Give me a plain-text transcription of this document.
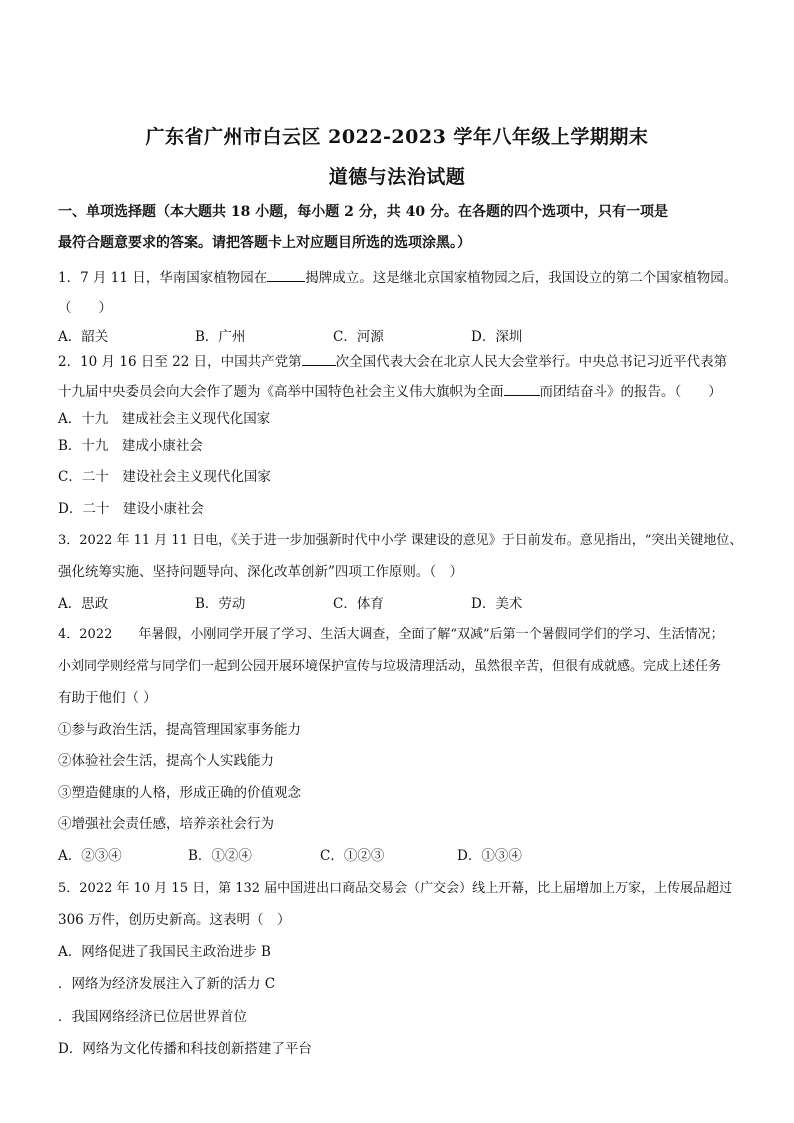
广东省广州市白云区 2022-2023 学年八年级上学期期末
道德与法治试题
一、单项选择题（本大题共 18 小题，每小题 2 分，共 40 分。在各题的四个选项中，只有一项是
最符合题意要求的答案。请把答题卡上对应题目所选的选项涂黑。）
1．7 月 11 日，华南国家植物园在	揭牌成立。这是继北京国家植物园之后，我国设立的第二个国家植物园。
（　　）
A．韶关	B．广州	C．河源	D．深圳
2．10 月 16 日至 22 日，中国共产党第	次全国代表大会在北京人民大会堂举行。中央总书记习近平代表第
十九届中央委员会向大会作了题为《高举中国特色社会主义伟大旗帜为全面	而团结奋斗》的报告。（　　）
A．十九　建成社会主义现代化国家
B．十九　建成小康社会
C．二十　建设社会主义现代化国家
D．二十　建设小康社会
3．2022 年 11 月 11 日电，《关于进一步加强新时代中小学 课建设的意见》于日前发布。意见指出，“突出关键地位、
强化统筹实施、坚持问题导向、深化改革创新”四项工作原则。（　）
A．思政	B．劳动	C．体育	D．美术
4．2022　　年暑假，小刚同学开展了学习、生活大调查，全面了解“双减”后第一个暑假同学们的学习、生活情况；
小刘同学则经常与同学们一起到公园开展环境保护宣传与垃圾清理活动，虽然很辛苦，但很有成就感。完成上述任务
有助于他们（ ）
①参与政治生活，提高管理国家事务能力
②体验社会生活，提高个人实践能力
③塑造健康的人格，形成正确的价值观念
④增强社会责任感，培养亲社会行为
A．②③④	B．①②④	C．①②③	D．①③④
5．2022 年 10 月 15 日，第 132 届中国进出口商品交易会（广交会）线上开幕，比上届增加上万家，上传展品超过
306 万件，创历史新高。这表明（　）
A．网络促进了我国民主政治进步 B
．网络为经济发展注入了新的活力 C
．我国网络经济已位居世界首位
D．网络为文化传播和科技创新搭建了平台
